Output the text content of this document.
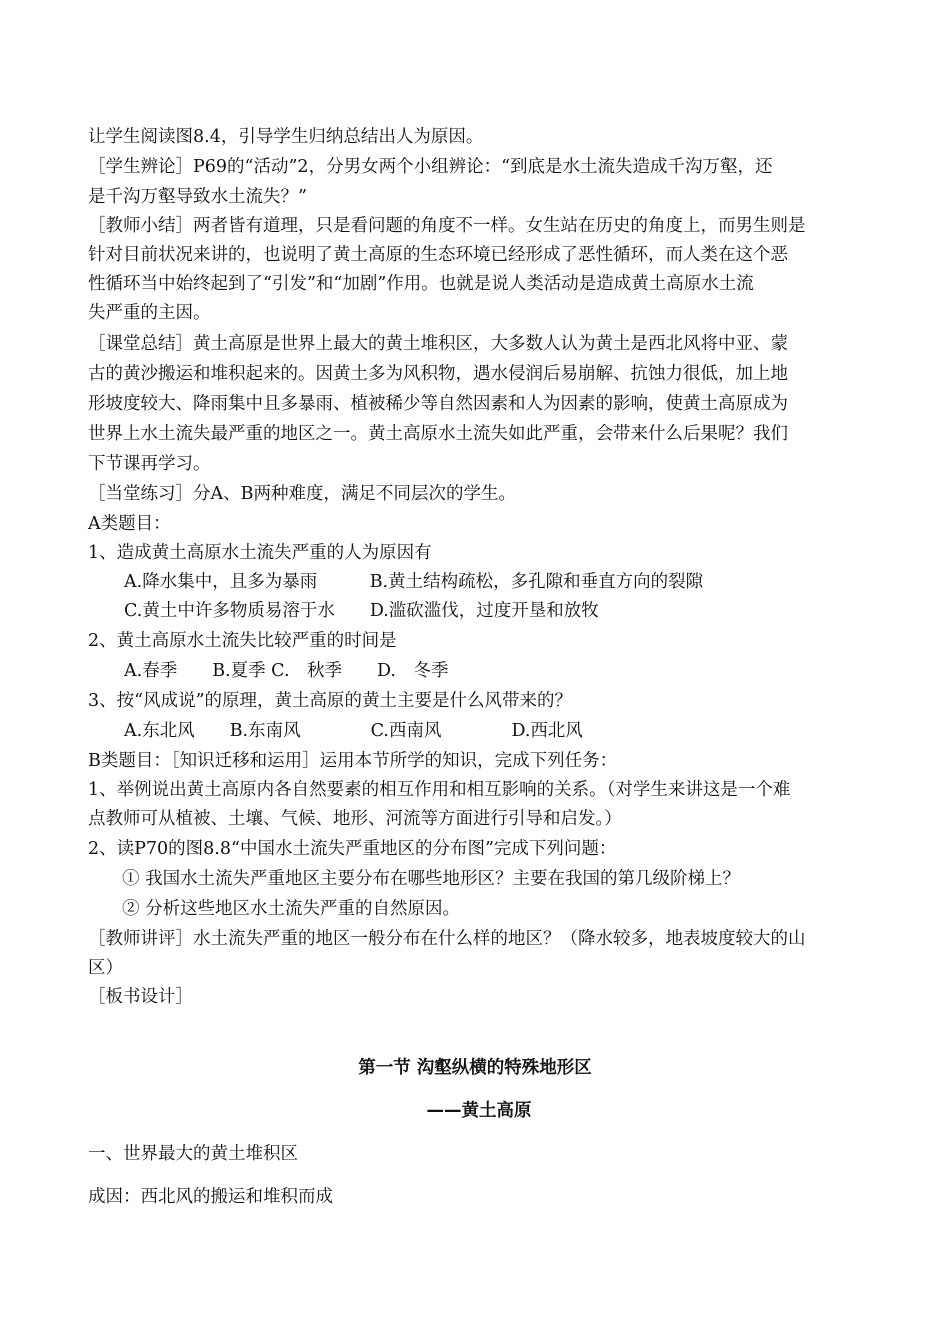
让学生阅读图8.4，引导学生归纳总结出人为原因。
［学生辨论］P69的“活动”2，分男女两个小组辨论：“到底是水土流失造成千沟万壑，还
是千沟万壑导致水土流失？”
［教师小结］两者皆有道理，只是看问题的角度不一样。女生站在历史的角度上，而男生则是
针对目前状况来讲的，也说明了黄土高原的生态环境已经形成了恶性循环，而人类在这个恶
性循环当中始终起到了“引发”和“加剧”作用。也就是说人类活动是造成黄土高原水土流
失严重的主因。
［课堂总结］黄土高原是世界上最大的黄土堆积区，大多数人认为黄土是西北风将中亚、蒙
古的黄沙搬运和堆积起来的。因黄土多为风积物，遇水侵润后易崩解、抗蚀力很低，加上地
形坡度较大、降雨集中且多暴雨、植被稀少等自然因素和人为因素的影响，使黄土高原成为
世界上水土流失最严重的地区之一。黄土高原水土流失如此严重，会带来什么后果呢？我们
下节课再学习。
［当堂练习］分A、B两种难度，满足不同层次的学生。
A类题目：
1、造成黄土高原水土流失严重的人为原因有
A.降水集中，且多为暴雨　　　B.黄土结构疏松，多孔隙和垂直方向的裂隙
C.黄土中许多物质易溶于水　　D.滥砍滥伐，过度开垦和放牧
2、黄土高原水土流失比较严重的时间是
A.春季　　B.夏季 C.　秋季　　D.　冬季
3、按“风成说”的原理，黄土高原的黄土主要是什么风带来的？
A.东北风　　B.东南风　　　　C.西南风　　　　D.西北风
B类题目：［知识迁移和运用］运用本节所学的知识，完成下列任务：
1、举例说出黄土高原内各自然要素的相互作用和相互影响的关系。（对学生来讲这是一个难
点教师可从植被、土壤、气候、地形、河流等方面进行引导和启发。）
2、读P70的图8.8“中国水土流失严重地区的分布图”完成下列问题：
① 我国水土流失严重地区主要分布在哪些地形区？主要在我国的第几级阶梯上？
② 分析这些地区水土流失严重的自然原因。
［教师讲评］水土流失严重的地区一般分布在什么样的地区？（降水较多，地表坡度较大的山
区）
［板书设计］
第一节 沟壑纵横的特殊地形区
——黄土高原
一、世界最大的黄土堆积区
成因：西北风的搬运和堆积而成
